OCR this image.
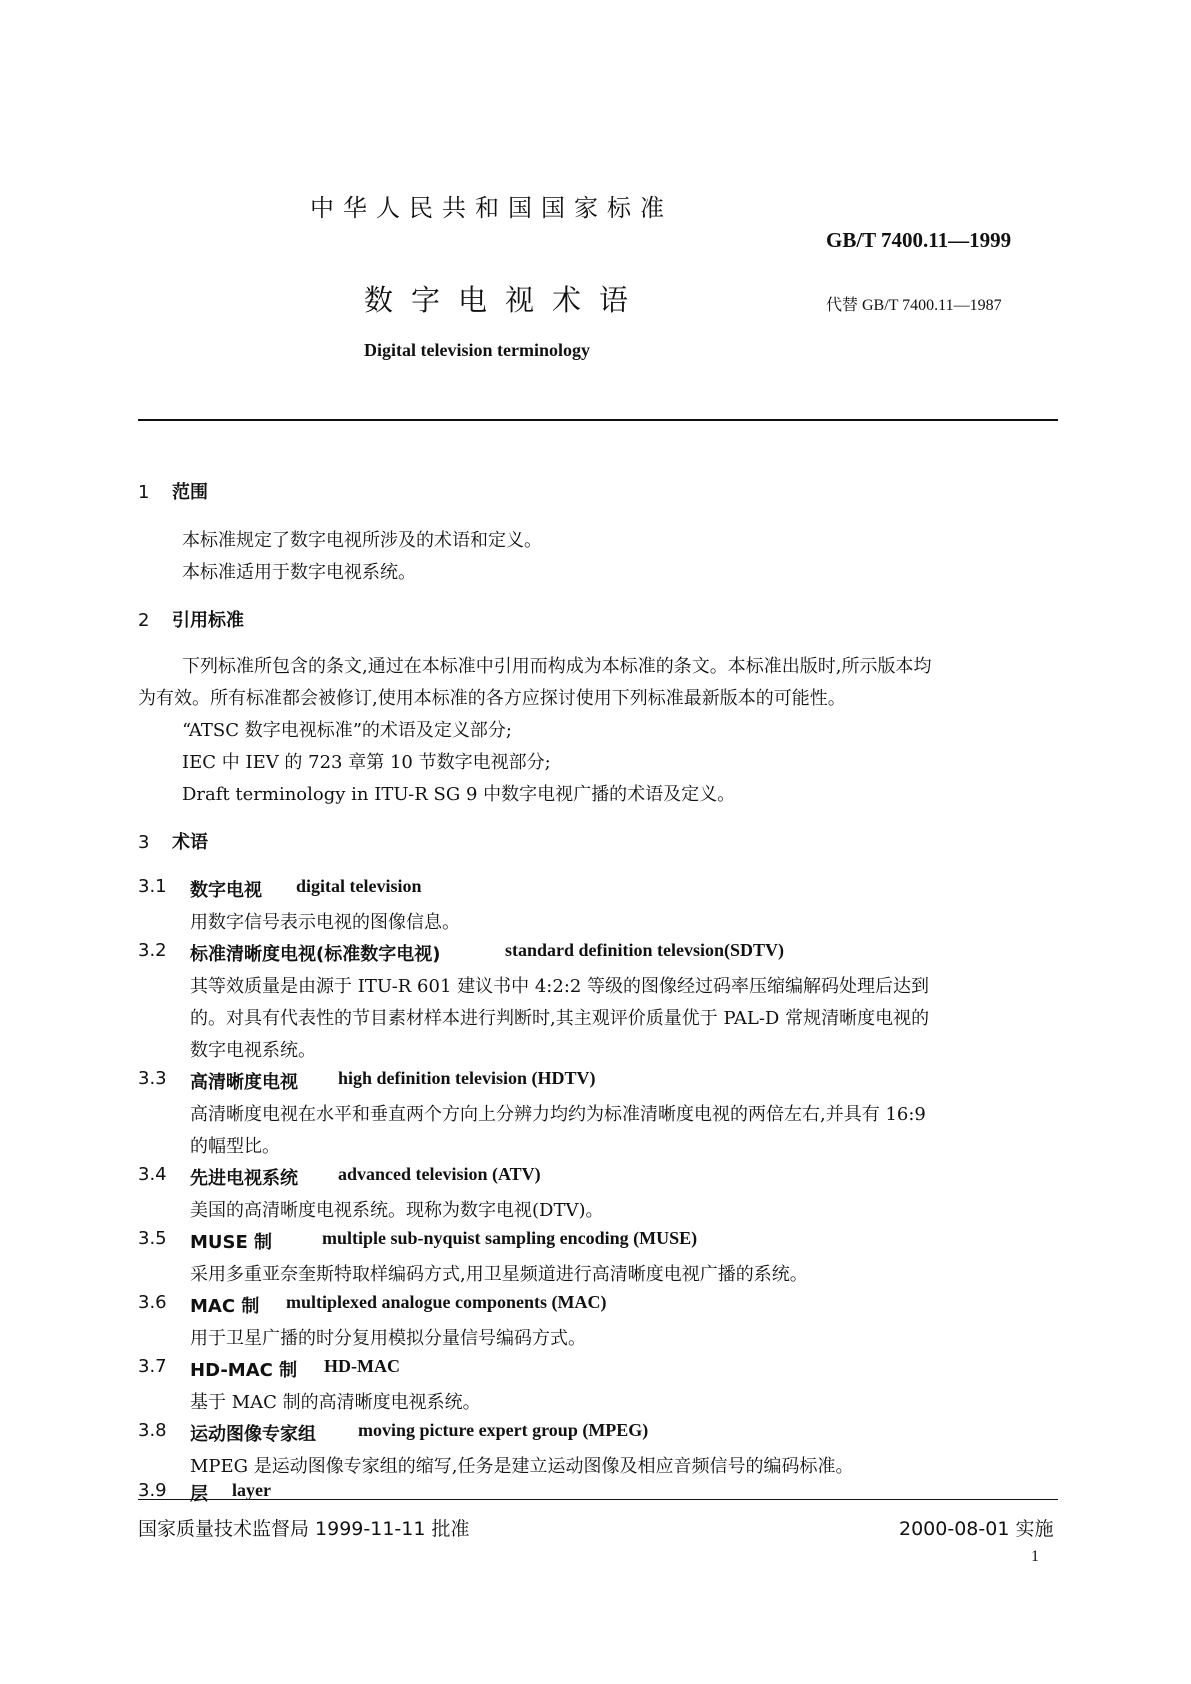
中华人民共和国国家标准
GB/T 7400.11—1999
数字电视术语	代替 GB/T 7400.11—1987
Digital television terminology
1 范围
本标准规定了数字电视所涉及的术语和定义。
本标准适用于数字电视系统。
2 引用标准
下列标准所包含的条文,通过在本标准中引用而构成为本标准的条文。本标准出版时,所示版本均
为有效。所有标准都会被修订,使用本标准的各方应探讨使用下列标准最新版本的可能性。
“ATSC 数字电视标准”的术语及定义部分;
IEC 中 IEV 的 723 章第 10 节数字电视部分;
Draft terminology in ITU-R SG 9 中数字电视广播的术语及定义。
3 术语
3.1 数字电视 digital television
用数字信号表示电视的图像信息。
3.2 标准清晰度电视(标准数字电视)	standard definition televsion(SDTV)
其等效质量是由源于 ITU-R 601 建议书中 4:2:2 等级的图像经过码率压缩编解码处理后达到
的。对具有代表性的节目素材样本进行判断时,其主观评价质量优于 PAL-D 常规清晰度电视的
数字电视系统。
3.3 高清晰度电视 high definition television (HDTV)
高清晰度电视在水平和垂直两个方向上分辨力均约为标准清晰度电视的两倍左右,并具有 16:9
的幅型比。
3.4 先进电视系统 advanced television (ATV)
美国的高清晰度电视系统。现称为数字电视(DTV)。
3.5 MUSE 制	multiple sub-nyquist sampling encoding (MUSE)
采用多重亚奈奎斯特取样编码方式,用卫星频道进行高清晰度电视广播的系统。
3.6 MAC 制 multiplexed analogue components (MAC)
用于卫星广播的时分复用模拟分量信号编码方式。
3.7 HD-MAC 制 HD-MAC
基于 MAC 制的高清晰度电视系统。
3.8 运动图像专家组 moving picture expert group (MPEG)
MPEG 是运动图像专家组的缩写,任务是建立运动图像及相应音频信号的编码标准。
3.9 层 layer
国家质量技术监督局 1999-11-11 批准	2000-08-01 实施
1
